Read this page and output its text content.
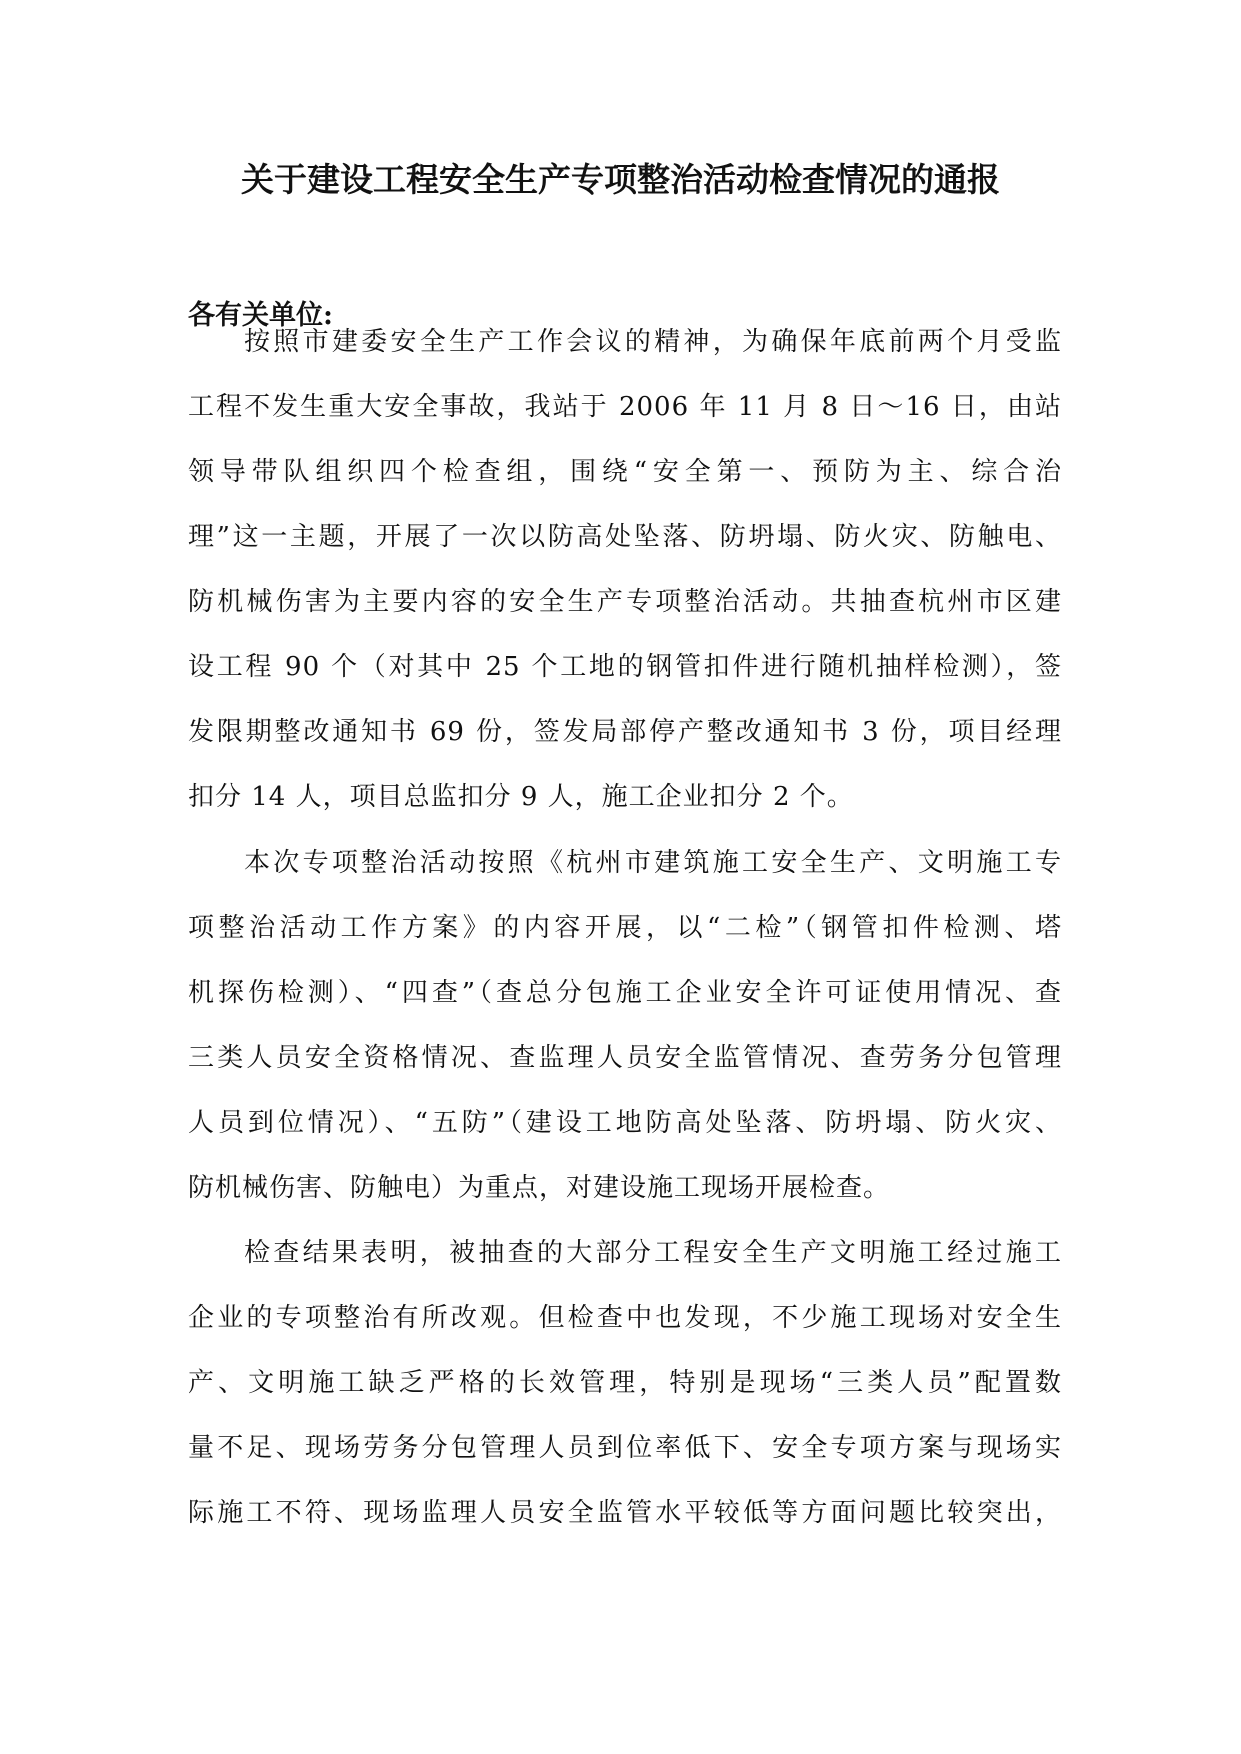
关于建设工程安全生产专项整治活动检查情况的通报
各有关单位:
按照市建委安全生产工作会议的精神，为确保年底前两个月受监
工程不发生重大安全事故，我站于 2006 年 11 月 8 日～16 日，由站
领导带队组织四个检查组，围绕“安全第一、预防为主、综合治
理”这一主题，开展了一次以防高处坠落、防坍塌、防火灾、防触电、
防机械伤害为主要内容的安全生产专项整治活动。共抽查杭州市区建
设工程 90 个（对其中 25 个工地的钢管扣件进行随机抽样检测），签
发限期整改通知书 69 份，签发局部停产整改通知书 3 份，项目经理
扣分 14 人，项目总监扣分 9 人，施工企业扣分 2 个。
本次专项整治活动按照《杭州市建筑施工安全生产、文明施工专
项整治活动工作方案》的内容开展，以“二检”（钢管扣件检测、塔
机探伤检测）、“四查”（查总分包施工企业安全许可证使用情况、查
三类人员安全资格情况、查监理人员安全监管情况、查劳务分包管理
人员到位情况）、“五防”（建设工地防高处坠落、防坍塌、防火灾、
防机械伤害、防触电）为重点，对建设施工现场开展检查。
检查结果表明，被抽查的大部分工程安全生产文明施工经过施工
企业的专项整治有所改观。但检查中也发现，不少施工现场对安全生
产、文明施工缺乏严格的长效管理，特别是现场“三类人员”配置数
量不足、现场劳务分包管理人员到位率低下、安全专项方案与现场实
际施工不符、现场监理人员安全监管水平较低等方面问题比较突出，
